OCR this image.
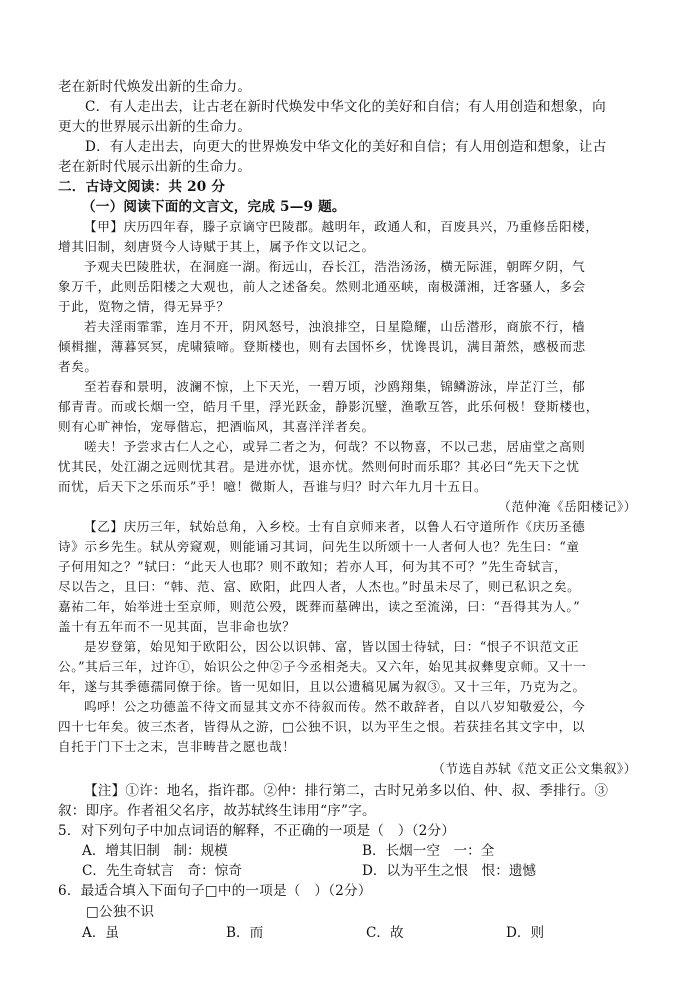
老在新时代焕发出新的生命力。
C．有人走出去，让古老在新时代焕发中华文化的美好和自信；有人用创造和想象，向
更大的世界展示出新的生命力。
D．有人走出去，向更大的世界焕发中华文化的美好和自信；有人用创造和想象，让古
老在新时代展示出新的生命力。
二．古诗文阅读：共 20 分
（一）阅读下面的文言文，完成 5—9 题。
【甲】庆历四年春，滕子京谪守巴陵郡。越明年，政通人和，百废具兴，乃重修岳阳楼，
增其旧制，刻唐贤今人诗赋于其上，属予作文以记之。
予观夫巴陵胜状，在洞庭一湖。衔远山，吞长江，浩浩汤汤，横无际涯，朝晖夕阴，气
象万千，此则岳阳楼之大观也，前人之述备矣。然则北通巫峡，南极潇湘，迁客骚人，多会
于此，览物之情，得无异乎？
若夫淫雨霏霏，连月不开，阴风怒号，浊浪排空，日星隐耀，山岳潜形，商旅不行，樯
倾楫摧，薄暮冥冥，虎啸猿啼。登斯楼也，则有去国怀乡，忧谗畏讥，满目萧然，感极而悲
者矣。
至若春和景明，波澜不惊，上下天光，一碧万顷，沙鸥翔集，锦鳞游泳，岸芷汀兰，郁
郁青青。而或长烟一空，皓月千里，浮光跃金，静影沉璧，渔歌互答，此乐何极！登斯楼也，
则有心旷神怡，宠辱偕忘，把酒临风，其喜洋洋者矣。
嗟夫！予尝求古仁人之心，或异二者之为，何哉？不以物喜，不以己悲，居庙堂之高则
忧其民，处江湖之远则忧其君。是进亦忧，退亦忧。然则何时而乐耶？其必曰“先天下之忧
而忧，后天下之乐而乐”乎！噫！微斯人，吾谁与归？时六年九月十五日。
（范仲淹《岳阳楼记》）
【乙】庆历三年，轼始总角，入乡校。士有自京师来者，以鲁人石守道所作《庆历圣德
诗》示乡先生。轼从旁窥观，则能诵习其词，问先生以所颂十一人者何人也？先生曰：“童
子何用知之？”轼曰：“此天人也耶？则不敢知；若亦人耳，何为其不可？”先生奇轼言，
尽以告之，且曰：“韩、范、富、欧阳，此四人者，人杰也。”时虽未尽了，则已私识之矣。
嘉祐二年，始举进士至京师，则范公殁，既葬而墓碑出，读之至流涕，曰：“吾得其为人。”
盖十有五年而不一见其面，岂非命也欤？
是岁登第，始见知于欧阳公，因公以识韩、富，皆以国士待轼，曰：“恨子不识范文正
公。”其后三年，过许①，始识公之仲②子今丞相尧夫。又六年，始见其叔彝叟京师。又十一
年，遂与其季德孺同僚于徐。皆一见如旧，且以公遗稿见属为叙③。又十三年，乃克为之。
呜呼！公之功德盖不待文而显其文亦不待叙而传。然不敢辞者，自以八岁知敬爱公，今
四十七年矣。彼三杰者，皆得从之游，□公独不识，以为平生之恨。若获挂名其文字中，以
自托于门下士之末，岂非畴昔之愿也哉！
（节选自苏轼《范文正公文集叙》）
【注】①许：地名，指许郡。②仲：排行第二，古时兄弟多以伯、仲、叔、季排行。③
叙：即序。作者祖父名序，故苏轼终生讳用“序”字。
5．对下列句子中加点词语的解释，不正确的一项是（　）（2分）
A．增其旧制　制：规模	B．长烟一空　一：全
C．先生奇轼言　奇：惊奇	D．以为平生之恨　恨：遗憾
6．最适合填入下面句子□中的一项是（　）（2分）
□公独不识
A．虽	B．而	C．故	D．则
